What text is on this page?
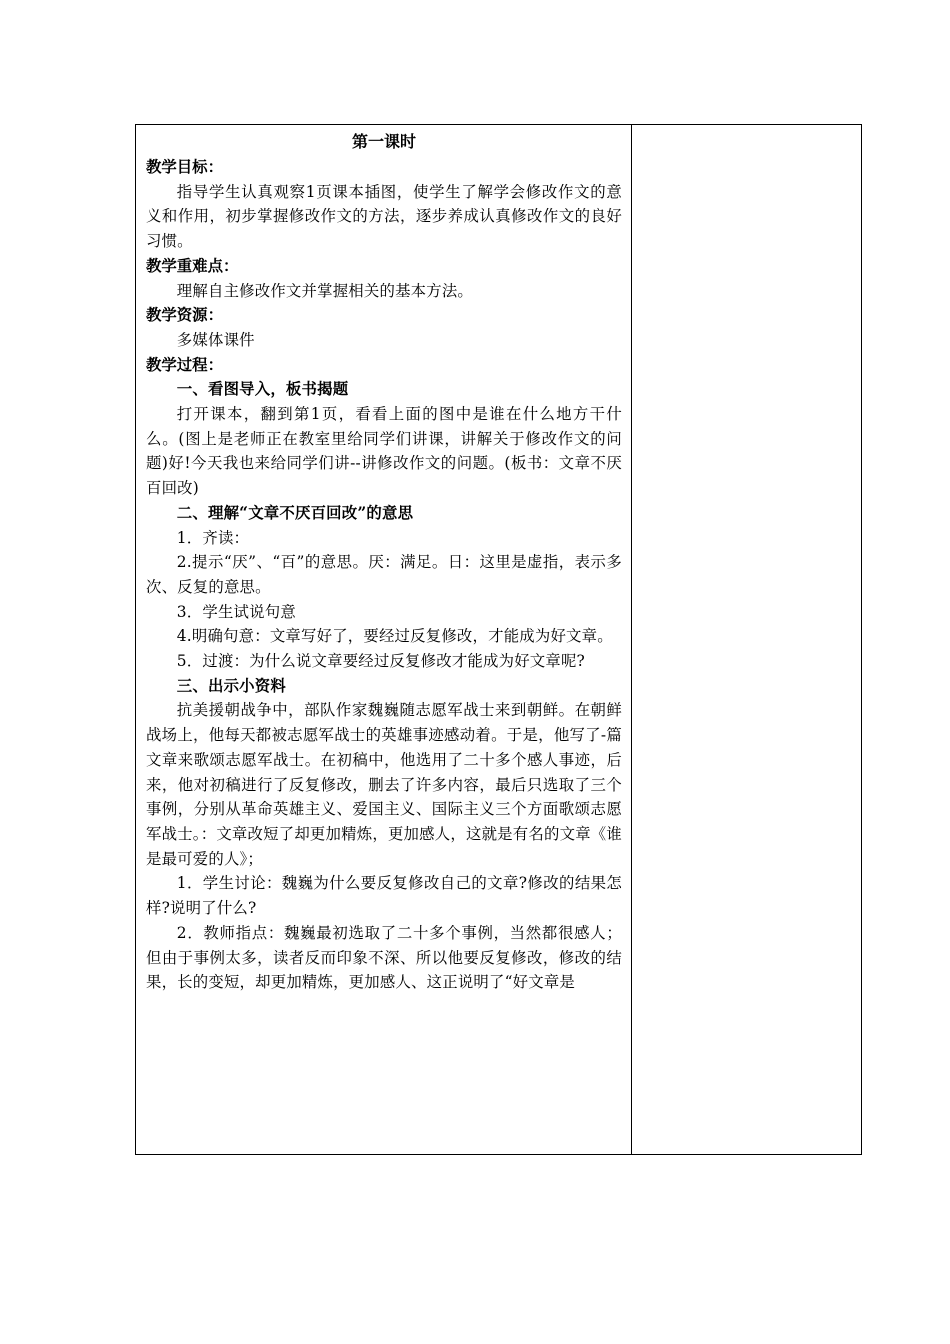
第一课时
教学目标：

指导学生认真观察1页课本插图，使学生了解学会修改作文的意义和作用，初步掌握修改作文的方法，逐步养成认真修改作文的良好习惯。

教学重难点：

理解自主修改作文并掌握相关的基本方法。

教学资源：

多媒体课件

教学过程：

一、看图导入，板书揭题

打开课本，翻到第1页，看看上面的图中是谁在什么地方干什么。(图上是老师正在教室里给同学们讲课，讲解关于修改作文的问题)好!今天我也来给同学们讲--讲修改作文的问题。(板书：文章不厌百回改)

二、理解“文章不厌百回改”的意思

1．齐读：

2.提示“厌”、“百”的意思。厌：满足。日：这里是虚指，表示多次、反复的意思。

3．学生试说句意

4.明确句意：文章写好了，要经过反复修改，才能成为好文章。

5．过渡：为什么说文章要经过反复修改才能成为好文章呢?

三、出示小资料

抗美援朝战争中，部队作家魏巍随志愿军战士来到朝鲜。在朝鲜战场上，他每天都被志愿军战士的英雄事迹感动着。于是，他写了-篇文章来歌颂志愿军战士。在初稿中，他选用了二十多个感人事迹，后来，他对初稿进行了反复修改，删去了许多内容，最后只选取了三个事例，分别从革命英雄主义、爱国主义、国际主义三个方面歌颂志愿军战士。：文章改短了却更加精炼，更加感人，这就是有名的文章《谁是最可爱的人》；

1．学生讨论：魏巍为什么要反复修改自己的文章?修改的结果怎样?说明了什么?

2．教师指点：魏巍最初选取了二十多个事例，当然都很感人；但由于事例太多，读者反而印象不深、所以他要反复修改，修改的结果，长的变短，却更加精炼，更加感人、这正说明了“好文章是
